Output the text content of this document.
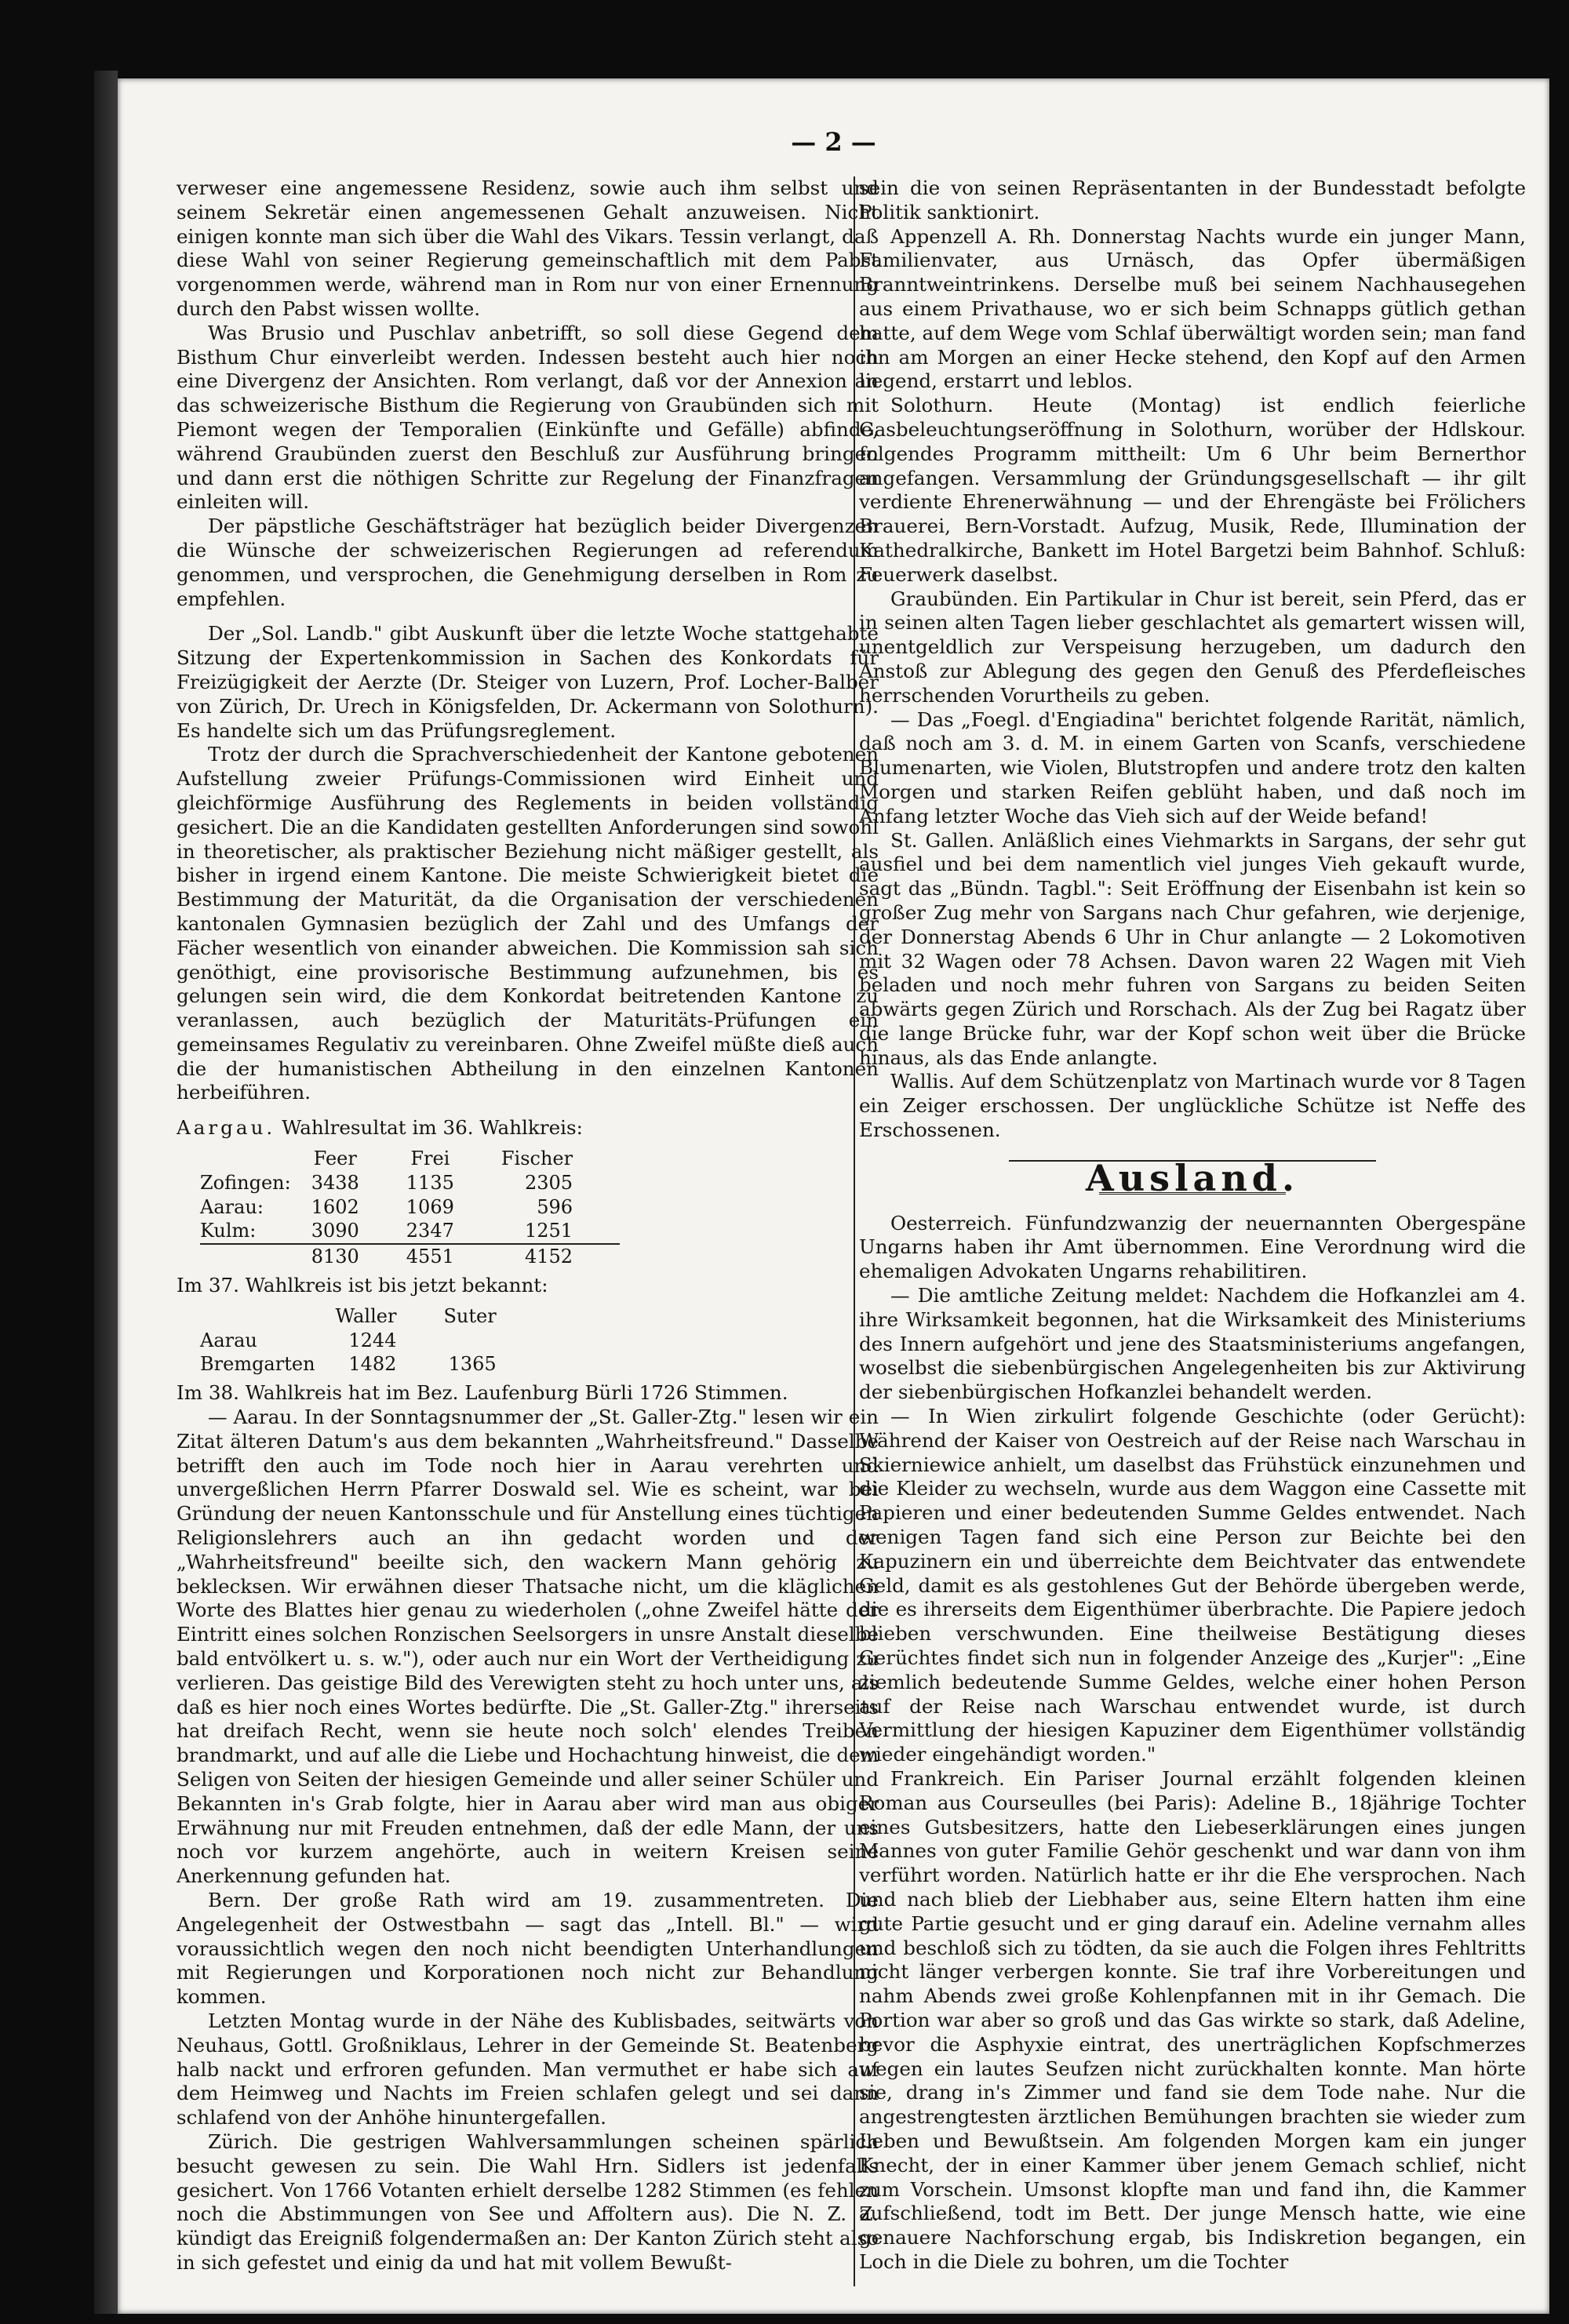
— 2 —

verweser eine angemessene Residenz, sowie auch ihm selbst und seinem Sekretär einen angemessenen Gehalt anzuweisen. Nicht einigen konnte man sich über die Wahl des Vikars. Tessin verlangt, daß diese Wahl von seiner Regierung gemeinschaftlich mit dem Pabst vorgenommen werde, während man in Rom nur von einer Ernennung durch den Pabst wissen wollte.

Was Brusio und Puschlav anbetrifft, so soll diese Gegend dem Bisthum Chur einverleibt werden. Indessen besteht auch hier noch eine Divergenz der Ansichten. Rom verlangt, daß vor der Annexion an das schweizerische Bisthum die Regierung von Graubünden sich mit Piemont wegen der Temporalien (Einkünfte und Gefälle) abfinde, während Graubünden zuerst den Beschluß zur Ausführung bringen und dann erst die nöthigen Schritte zur Regelung der Finanzfragen einleiten will.

Der päpstliche Geschäftsträger hat bezüglich beider Divergenzen die Wünsche der schweizerischen Regierungen ad referendum genommen, und versprochen, die Genehmigung derselben in Rom zu empfehlen.

Der „Sol. Landb." gibt Auskunft über die letzte Woche stattgehabte Sitzung der Expertenkommission in Sachen des Konkordats für Freizügigkeit der Aerzte (Dr. Steiger von Luzern, Prof. Locher-Balber von Zürich, Dr. Urech in Königsfelden, Dr. Ackermann von Solothurn). Es handelte sich um das Prüfungsreglement.

Trotz der durch die Sprachverschiedenheit der Kantone gebotenen Aufstellung zweier Prüfungs-Commissionen wird Einheit und gleichförmige Ausführung des Reglements in beiden vollständig gesichert. Die an die Kandidaten gestellten Anforderungen sind sowohl in theoretischer, als praktischer Beziehung nicht mäßiger gestellt, als bisher in irgend einem Kantone. Die meiste Schwierigkeit bietet die Bestimmung der Maturität, da die Organisation der verschiedenen kantonalen Gymnasien bezüglich der Zahl und des Umfangs der Fächer wesentlich von einander abweichen. Die Kommission sah sich genöthigt, eine provisorische Bestimmung aufzunehmen, bis es gelungen sein wird, die dem Konkordat beitretenden Kantone zu veranlassen, auch bezüglich der Maturitäts-Prüfungen ein gemeinsames Regulativ zu vereinbaren. Ohne Zweifel müßte dieß auch die der humanistischen Abtheilung in den einzelnen Kantonen herbeiführen.

Aargau. Wahlresultat im 36. Wahlkreis:

	Feer	Frei	Fischer
Zofingen:	3438	1135	2305
Aarau:	1602	1069	596
Kulm:	3090	2347	1251
	8130	4551	4152

Im 37. Wahlkreis ist bis jetzt bekannt:

	Waller	Suter
Aarau	1244	
Bremgarten	1482	1365

Im 38. Wahlkreis hat im Bez. Laufenburg Bürli 1726 Stimmen.

— Aarau. In der Sonntagsnummer der „St. Galler-Ztg." lesen wir ein Zitat älteren Datum's aus dem bekannten „Wahrheitsfreund." Dasselbe betrifft den auch im Tode noch hier in Aarau verehrten und unvergeßlichen Herrn Pfarrer Doswald sel. Wie es scheint, war bei Gründung der neuen Kantonsschule und für Anstellung eines tüchtigen Religionslehrers auch an ihn gedacht worden und der „Wahrheitsfreund" beeilte sich, den wackern Mann gehörig zu beklecksen. Wir erwähnen dieser Thatsache nicht, um die kläglichen Worte des Blattes hier genau zu wiederholen („ohne Zweifel hätte der Eintritt eines solchen Ronzischen Seelsorgers in unsre Anstalt dieselbe bald entvölkert u. s. w."), oder auch nur ein Wort der Vertheidigung zu verlieren. Das geistige Bild des Verewigten steht zu hoch unter uns, als daß es hier noch eines Wortes bedürfte. Die „St. Galler-Ztg." ihrerseits hat dreifach Recht, wenn sie heute noch solch' elendes Treiben brandmarkt, und auf alle die Liebe und Hochachtung hinweist, die dem Seligen von Seiten der hiesigen Gemeinde und aller seiner Schüler und Bekannten in's Grab folgte, hier in Aarau aber wird man aus obiger Erwähnung nur mit Freuden entnehmen, daß der edle Mann, der uns noch vor kurzem angehörte, auch in weitern Kreisen seine Anerkennung gefunden hat.

Bern. Der große Rath wird am 19. zusammentreten. Die Angelegenheit der Ostwestbahn — sagt das „Intell. Bl." — wird voraussichtlich wegen den noch nicht beendigten Unterhandlungen mit Regierungen und Korporationen noch nicht zur Behandlung kommen.

Letzten Montag wurde in der Nähe des Kublisbades, seitwärts von Neuhaus, Gottl. Großniklaus, Lehrer in der Gemeinde St. Beatenberg halb nackt und erfroren gefunden. Man vermuthet er habe sich auf dem Heimweg und Nachts im Freien schlafen gelegt und sei dann schlafend von der Anhöhe hinuntergefallen.

Zürich. Die gestrigen Wahlversammlungen scheinen spärlich besucht gewesen zu sein. Die Wahl Hrn. Sidlers ist jedenfalls gesichert. Von 1766 Votanten erhielt derselbe 1282 Stimmen (es fehlen noch die Abstimmungen von See und Affoltern aus). Die N. Z. Z. kündigt das Ereigniß folgendermaßen an: Der Kanton Zürich steht also in sich gefestet und einig da und hat mit vollem Bewußt-

sein die von seinen Repräsentanten in der Bundesstadt befolgte Politik sanktionirt.

Appenzell A. Rh. Donnerstag Nachts wurde ein junger Mann, Familienvater, aus Urnäsch, das Opfer übermäßigen Branntweintrinkens. Derselbe muß bei seinem Nachhausegehen aus einem Privathause, wo er sich beim Schnapps gütlich gethan hatte, auf dem Wege vom Schlaf überwältigt worden sein; man fand ihn am Morgen an einer Hecke stehend, den Kopf auf den Armen liegend, erstarrt und leblos.

Solothurn. Heute (Montag) ist endlich feierliche Gasbeleuchtungseröffnung in Solothurn, worüber der Hdlskour. folgendes Programm mittheilt: Um 6 Uhr beim Bernerthor angefangen. Versammlung der Gründungsgesellschaft — ihr gilt verdiente Ehrenerwähnung — und der Ehrengäste bei Frölichers Brauerei, Bern-Vorstadt. Aufzug, Musik, Rede, Illumination der Kathedralkirche, Bankett im Hotel Bargetzi beim Bahnhof. Schluß: Feuerwerk daselbst.

Graubünden. Ein Partikular in Chur ist bereit, sein Pferd, das er in seinen alten Tagen lieber geschlachtet als gemartert wissen will, unentgeldlich zur Verspeisung herzugeben, um dadurch den Anstoß zur Ablegung des gegen den Genuß des Pferdefleisches herrschenden Vorurtheils zu geben.

— Das „Foegl. d'Engiadina" berichtet folgende Rarität, nämlich, daß noch am 3. d. M. in einem Garten von Scanfs, verschiedene Blumenarten, wie Violen, Blutstropfen und andere trotz den kalten Morgen und starken Reifen geblüht haben, und daß noch im Anfang letzter Woche das Vieh sich auf der Weide befand!

St. Gallen. Anläßlich eines Viehmarkts in Sargans, der sehr gut ausfiel und bei dem namentlich viel junges Vieh gekauft wurde, sagt das „Bündn. Tagbl.": Seit Eröffnung der Eisenbahn ist kein so großer Zug mehr von Sargans nach Chur gefahren, wie derjenige, der Donnerstag Abends 6 Uhr in Chur anlangte — 2 Lokomotiven mit 32 Wagen oder 78 Achsen. Davon waren 22 Wagen mit Vieh beladen und noch mehr fuhren von Sargans zu beiden Seiten abwärts gegen Zürich und Rorschach. Als der Zug bei Ragatz über die lange Brücke fuhr, war der Kopf schon weit über die Brücke hinaus, als das Ende anlangte.

Wallis. Auf dem Schützenplatz von Martinach wurde vor 8 Tagen ein Zeiger erschossen. Der unglückliche Schütze ist Neffe des Erschossenen.

Ausland.

Oesterreich. Fünfundzwanzig der neuernannten Obergespäne Ungarns haben ihr Amt übernommen. Eine Verordnung wird die ehemaligen Advokaten Ungarns rehabilitiren.

— Die amtliche Zeitung meldet: Nachdem die Hofkanzlei am 4. ihre Wirksamkeit begonnen, hat die Wirksamkeit des Ministeriums des Innern aufgehört und jene des Staatsministeriums angefangen, woselbst die siebenbürgischen Angelegenheiten bis zur Aktivirung der siebenbürgischen Hofkanzlei behandelt werden.

— In Wien zirkulirt folgende Geschichte (oder Gerücht): Während der Kaiser von Oestreich auf der Reise nach Warschau in Skierniewice anhielt, um daselbst das Frühstück einzunehmen und die Kleider zu wechseln, wurde aus dem Waggon eine Cassette mit Papieren und einer bedeutenden Summe Geldes entwendet. Nach wenigen Tagen fand sich eine Person zur Beichte bei den Kapuzinern ein und überreichte dem Beichtvater das entwendete Geld, damit es als gestohlenes Gut der Behörde übergeben werde, die es ihrerseits dem Eigenthümer überbrachte. Die Papiere jedoch blieben verschwunden. Eine theilweise Bestätigung dieses Gerüchtes findet sich nun in folgender Anzeige des „Kurjer": „Eine ziemlich bedeutende Summe Geldes, welche einer hohen Person auf der Reise nach Warschau entwendet wurde, ist durch Vermittlung der hiesigen Kapuziner dem Eigenthümer vollständig wieder eingehändigt worden."

Frankreich. Ein Pariser Journal erzählt folgenden kleinen Roman aus Courseulles (bei Paris): Adeline B., 18jährige Tochter eines Gutsbesitzers, hatte den Liebeserklärungen eines jungen Mannes von guter Familie Gehör geschenkt und war dann von ihm verführt worden. Natürlich hatte er ihr die Ehe versprochen. Nach und nach blieb der Liebhaber aus, seine Eltern hatten ihm eine gute Partie gesucht und er ging darauf ein. Adeline vernahm alles und beschloß sich zu tödten, da sie auch die Folgen ihres Fehltritts nicht länger verbergen konnte. Sie traf ihre Vorbereitungen und nahm Abends zwei große Kohlenpfannen mit in ihr Gemach. Die Portion war aber so groß und das Gas wirkte so stark, daß Adeline, bevor die Asphyxie eintrat, des unerträglichen Kopfschmerzes wegen ein lautes Seufzen nicht zurückhalten konnte. Man hörte sie, drang in's Zimmer und fand sie dem Tode nahe. Nur die angestrengtesten ärztlichen Bemühungen brachten sie wieder zum Leben und Bewußtsein. Am folgenden Morgen kam ein junger Knecht, der in einer Kammer über jenem Gemach schlief, nicht zum Vorschein. Umsonst klopfte man und fand ihn, die Kammer aufschließend, todt im Bett. Der junge Mensch hatte, wie eine genauere Nachforschung ergab, bis Indiskretion begangen, ein Loch in die Diele zu bohren, um die Tochter
